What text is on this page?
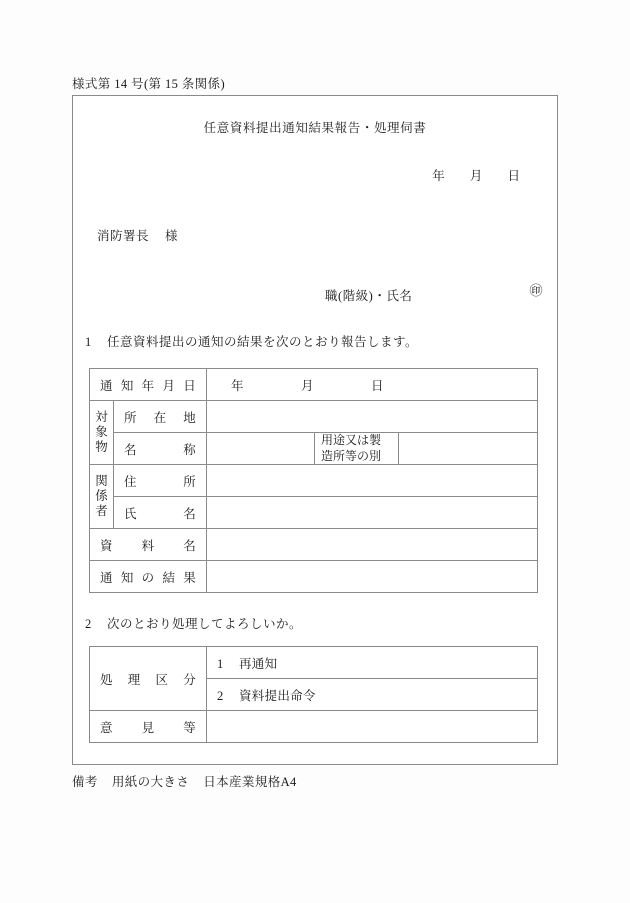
様式第 14 号(第 15 条関係)
任意資料提出通知結果報告・処理伺書
年 月 日
消防署長 様
職(階級)・氏名	㊞
1 任意資料提出の通知の結果を次のとおり報告します。
通 知 年 月 日		年 月 日		
対象物	所　在　地			
	名　　　称		用途又は製造所等の別	
関係者	住　　　所			
	氏　　　名			
資　料　名				
通 知 の 結 果				
2 次のとおり処理してよろしいか。
処 理 区 分	1 再通知
	2 資料提出命令
意　見　等	
備考 用紙の大きさ 日本産業規格A4
